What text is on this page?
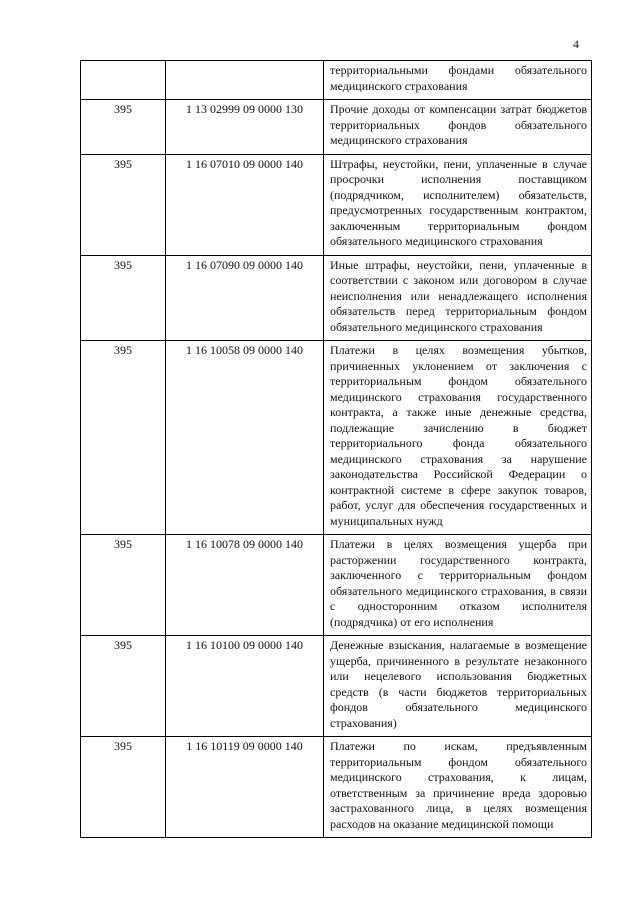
4
		территориальными фондами обязательного медицинского страхования
395	1 13 02999 09 0000 130	Прочие доходы от компенсации затрат бюджетов территориальных фондов обязательного медицинского страхования
395	1 16 07010 09 0000 140	Штрафы, неустойки, пени, уплаченные в случае просрочки исполнения поставщиком (подрядчиком, исполнителем) обязательств, предусмотренных государственным контрактом, заключенным территориальным фондом обязательного медицинского страхования
395	1 16 07090 09 0000 140	Иные штрафы, неустойки, пени, уплаченные в соответствии с законом или договором в случае неисполнения или ненадлежащего исполнения обязательств перед территориальным фондом обязательного медицинского страхования
395	1 16 10058 09 0000 140	Платежи в целях возмещения убытков, причиненных уклонением от заключения с территориальным фондом обязательного медицинского страхования государственного контракта, а также иные денежные средства, подлежащие зачислению в бюджет территориального фонда обязательного медицинского страхования за нарушение законодательства Российской Федерации о контрактной системе в сфере закупок товаров, работ, услуг для обеспечения государственных и муниципальных нужд
395	1 16 10078 09 0000 140	Платежи в целях возмещения ущерба при расторжении государственного контракта, заключенного с территориальным фондом обязательного медицинского страхования, в связи с односторонним отказом исполнителя (подрядчика) от его исполнения
395	1 16 10100 09 0000 140	Денежные взыскания, налагаемые в возмещение ущерба, причиненного в результате незаконного или нецелевого использования бюджетных средств (в части бюджетов территориальных фондов обязательного медицинского страхования)
395	1 16 10119 09 0000 140	Платежи по искам, предъявленным территориальным фондом обязательного медицинского страхования, к лицам, ответственным за причинение вреда здоровью застрахованного лица, в целях возмещения расходов на оказание медицинской помощи
